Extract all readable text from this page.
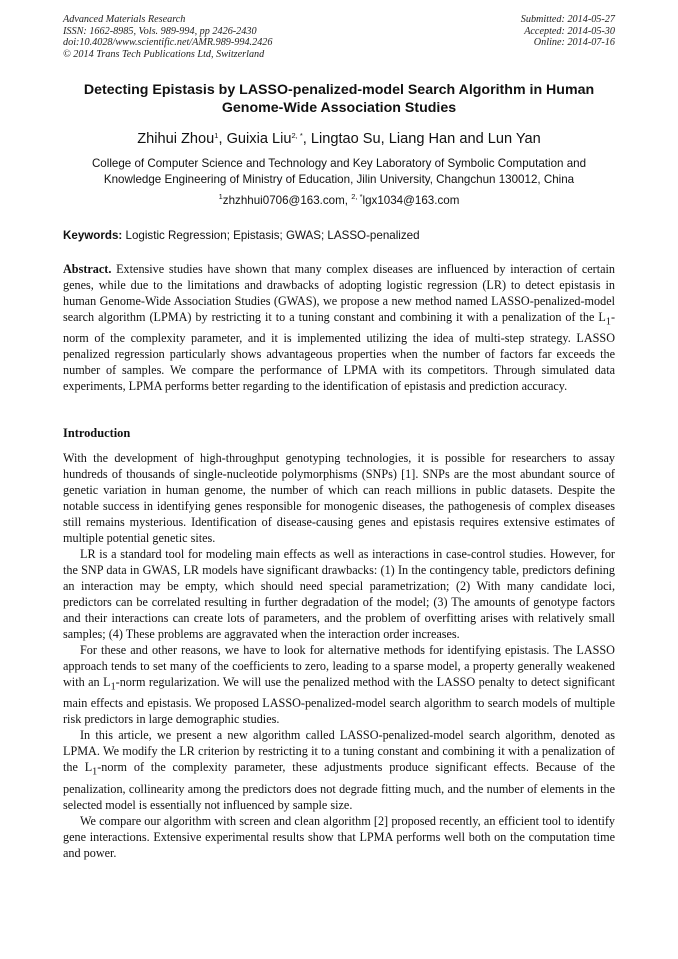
Advanced Materials Research
ISSN: 1662-8985, Vols. 989-994, pp 2426-2430
doi:10.4028/www.scientific.net/AMR.989-994.2426
© 2014 Trans Tech Publications Ltd, Switzerland
Submitted: 2014-05-27
Accepted: 2014-05-30
Online: 2014-07-16
Detecting Epistasis by LASSO-penalized-model Search Algorithm in Human Genome-Wide Association Studies
Zhihui Zhou$^1$, Guixia Liu$^{2, *}$, Lingtao Su, Liang Han and Lun Yan
College of Computer Science and Technology and Key Laboratory of Symbolic Computation and Knowledge Engineering of Ministry of Education, Jilin University, Changchun 130012, China
$^1$zhzhhui0706@163.com, $^{2, *}$lgx1034@163.com
Keywords: Logistic Regression; Epistasis; GWAS; LASSO-penalized
Abstract. Extensive studies have shown that many complex diseases are influenced by interaction of certain genes, while due to the limitations and drawbacks of adopting logistic regression (LR) to detect epistasis in human Genome-Wide Association Studies (GWAS), we propose a new method named LASSO-penalized-model search algorithm (LPMA) by restricting it to a tuning constant and combining it with a penalization of the $L_1$-norm of the complexity parameter, and it is implemented utilizing the idea of multi-step strategy. LASSO penalized regression particularly shows advantageous properties when the number of factors far exceeds the number of samples. We compare the performance of LPMA with its competitors. Through simulated data experiments, LPMA performs better regarding to the identification of epistasis and prediction accuracy.
Introduction

With the development of high-throughput genotyping technologies, it is possible for researchers to assay hundreds of thousands of single-nucleotide polymorphisms (SNPs) [1]. SNPs are the most abundant source of genetic variation in human genome, the number of which can reach millions in public datasets. Despite the notable success in identifying genes responsible for monogenic diseases, the pathogenesis of complex diseases still remains mysterious. Identification of disease-causing genes and epistasis requires extensive estimates of multiple potential genetic sites.

LR is a standard tool for modeling main effects as well as interactions in case-control studies. However, for the SNP data in GWAS, LR models have significant drawbacks: (1) In the contingency table, predictors defining an interaction may be empty, which should need special parametrization; (2) With many candidate loci, predictors can be correlated resulting in further degradation of the model; (3) The amounts of genotype factors and their interactions can create lots of parameters, and the problem of overfitting arises with relatively small samples; (4) These problems are aggravated when the interaction order increases.

For these and other reasons, we have to look for alternative methods for identifying epistasis. The LASSO approach tends to set many of the coefficients to zero, leading to a sparse model, a property generally weakened with an $L_1$-norm regularization. We will use the penalized method with the LASSO penalty to detect significant main effects and epistasis. We proposed LASSO-penalized-model search algorithm to search models of multiple risk predictors in large demographic studies.

In this article, we present a new algorithm called LASSO-penalized-model search algorithm, denoted as LPMA. We modify the LR criterion by restricting it to a tuning constant and combining it with a penalization of the $L_1$-norm of the complexity parameter, these adjustments produce significant effects. Because of the penalization, collinearity among the predictors does not degrade fitting much, and the number of elements in the selected model is essentially not influenced by sample size.

We compare our algorithm with screen and clean algorithm [2] proposed recently, an efficient tool to identify gene interactions. Extensive experimental results show that LPMA performs well both on the computation time and power.
